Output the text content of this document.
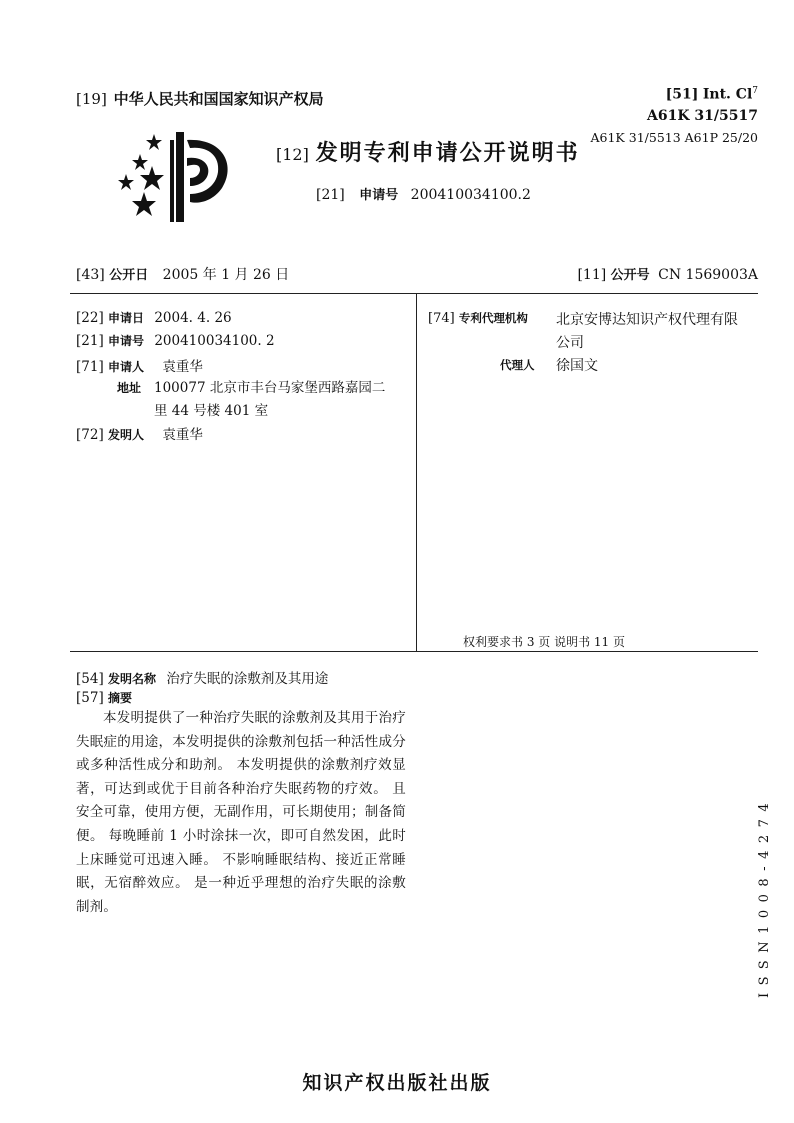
[19] 中华人民共和国国家知识产权局	[51] Int. Cl$^7$
A61K 31/5517
A61K 31/5513 A61P 25/20
[12] 发明专利申请公开说明书
[21] 申请号 200410034100.2
[43] 公开日 2005 年 1 月 26 日	[11] 公开号 CN 1569003A
[22] 申请日 2004. 4. 26
[21] 申请号 200410034100. 2
[71] 申请人 袁重华
地址 100077 北京市丰台马家堡西路嘉园二
里 44 号楼 401 室
[72] 发明人 袁重华
[74] 专利代理机构 北京安博达知识产权代理有限
公司
代理人 徐国文
权利要求书 3 页 说明书 11 页
[54] 发明名称 治疗失眠的涂敷剂及其用途
[57] 摘要

本发明提供了一种治疗失眠的涂敷剂及其用于治疗失眠症的用途，本发明提供的涂敷剂包括一种活性成分或多种活性成分和助剂。 本发明提供的涂敷剂疗效显著，可达到或优于目前各种治疗失眠药物的疗效。 且安全可靠，使用方便，无副作用，可长期使用；制备简便。 每晚睡前 1 小时涂抹一次，即可自然发困，此时上床睡觉可迅速入睡。 不影响睡眠结构、接近正常睡眠，无宿醉效应。 是一种近乎理想的治疗失眠的涂敷制剂。	ISSN1008-4274
知识产权出版社出版
